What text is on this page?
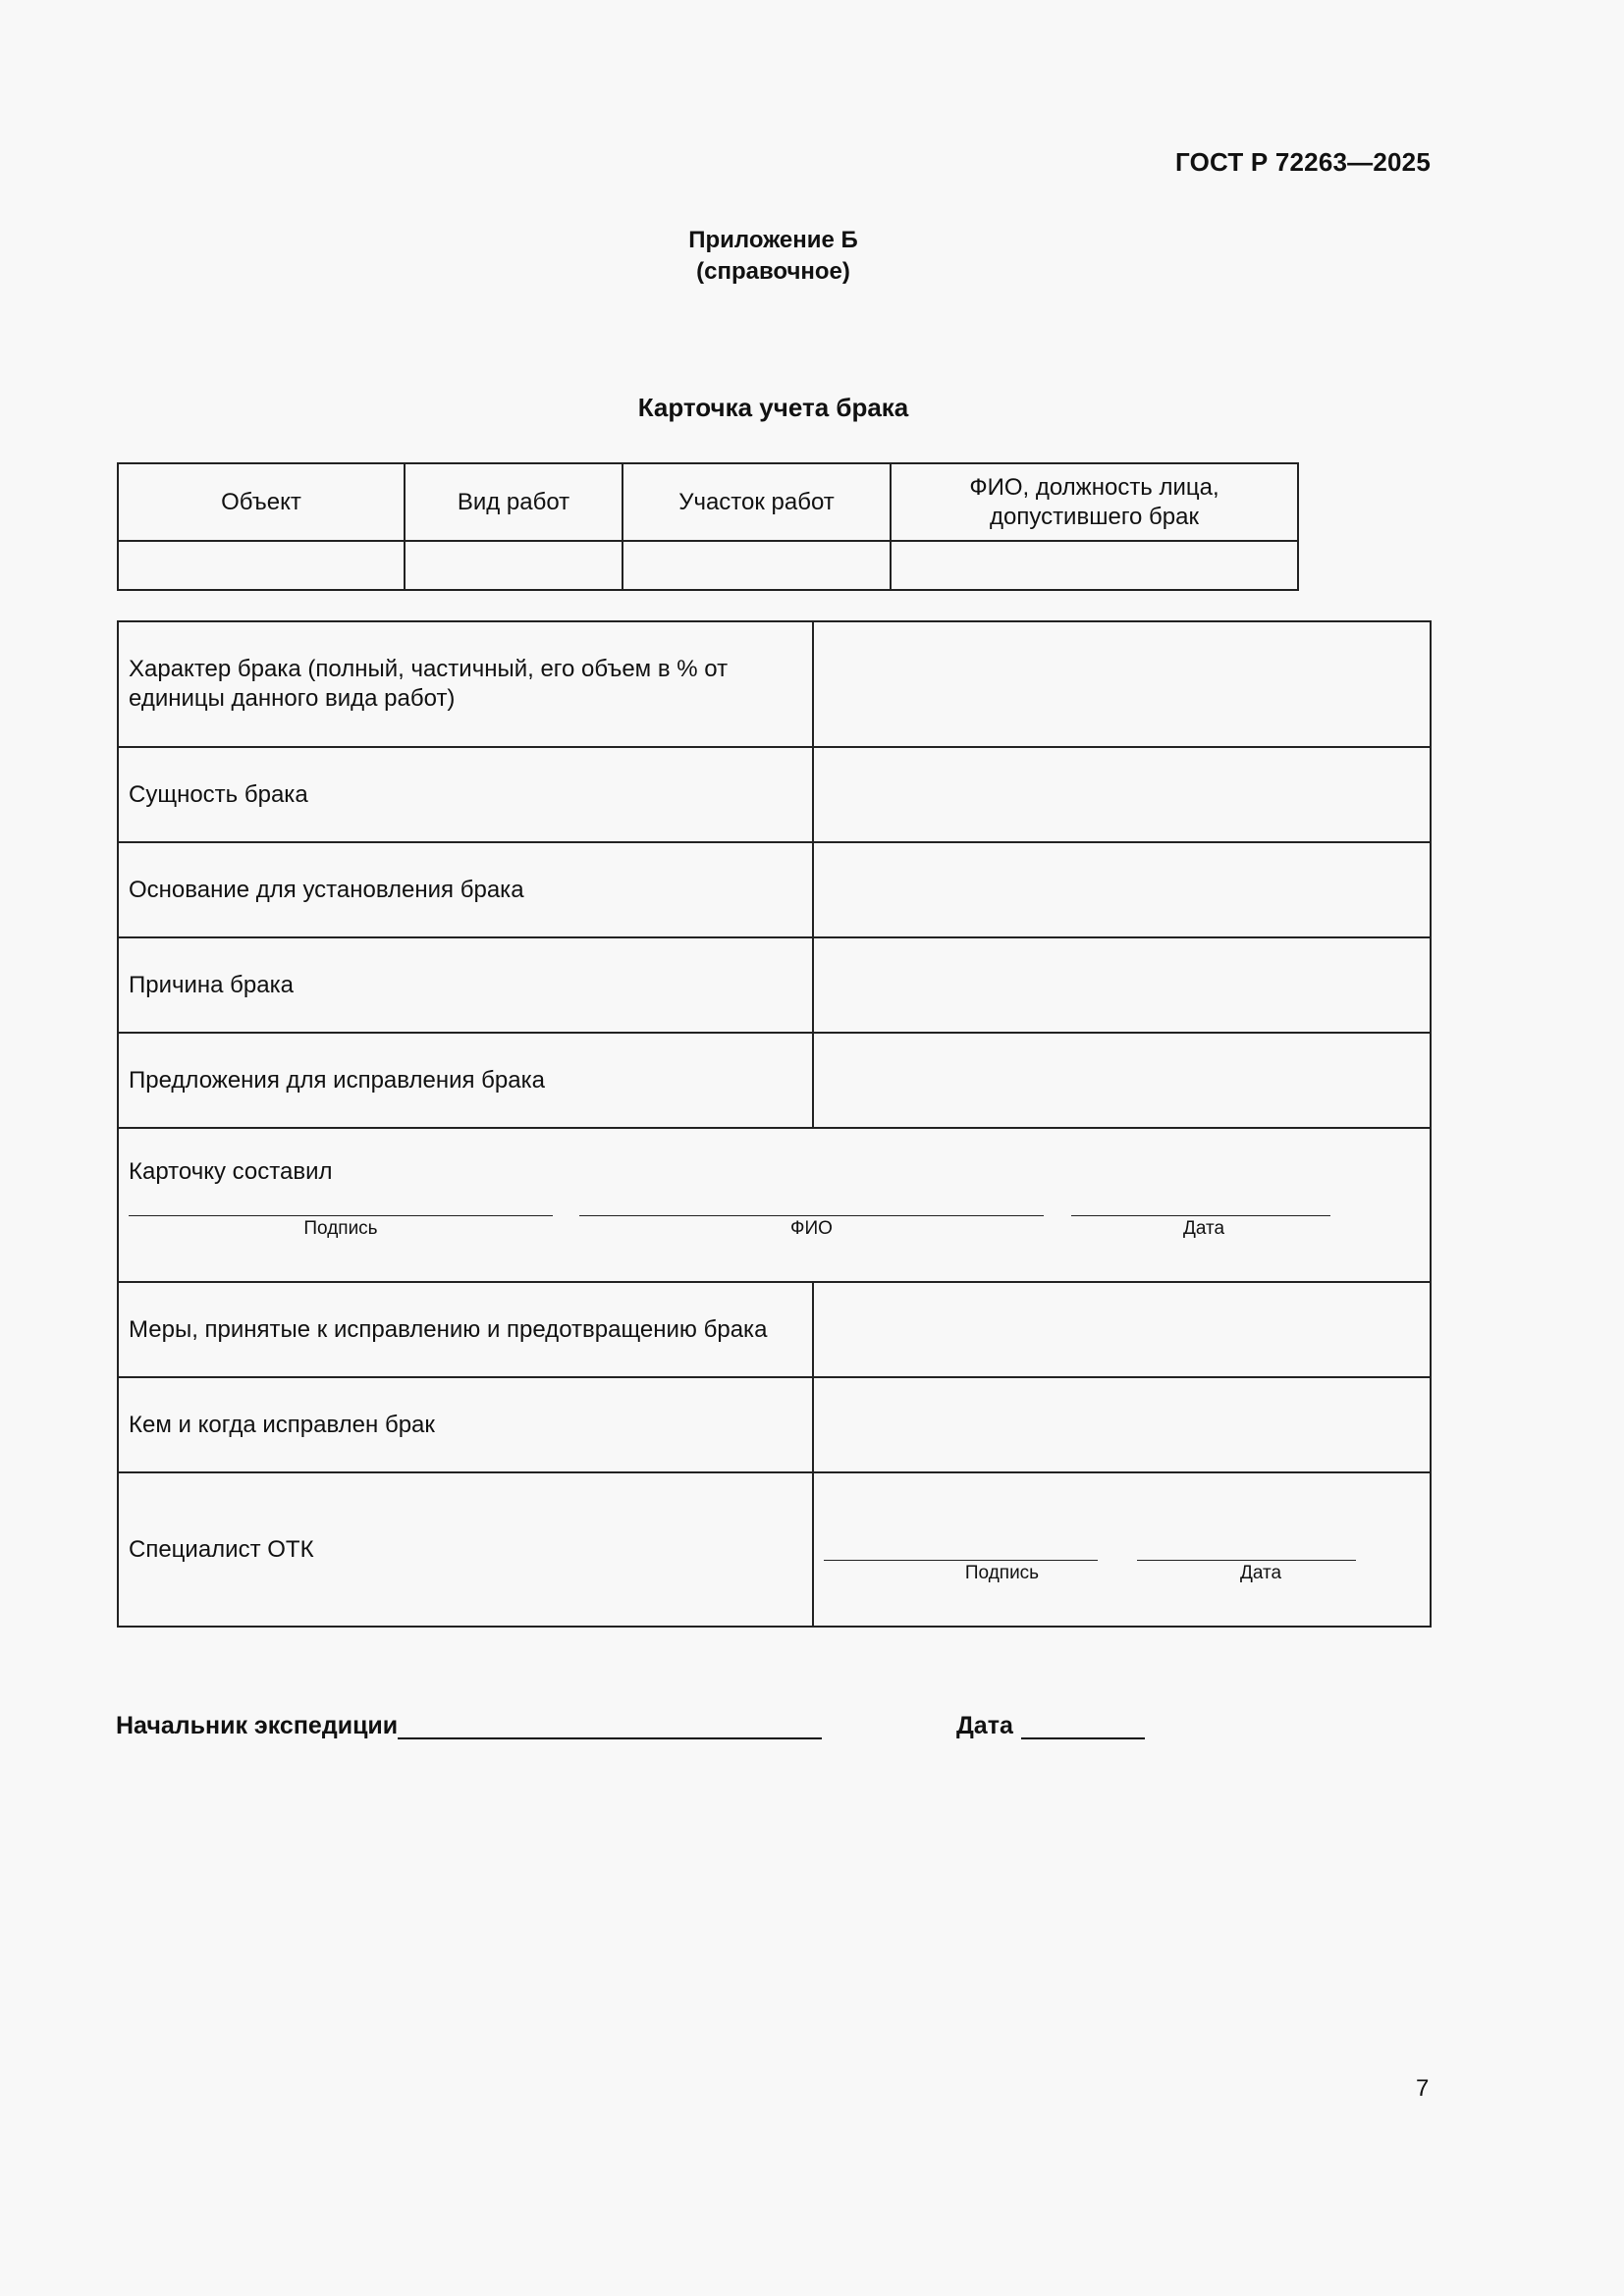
ГОСТ Р 72263—2025
Приложение Б
(справочное)
Карточка учета брака
Объект	Вид работ	Участок работ	ФИО, должность лица, допустившего брак

Характер брака (полный, частичный, его объем в % от единицы данного вида работ)	
Сущность брака	
Основание для установления брака	
Причина брака	
Предложения для исправления брака	

Карточку составил
Подпись ФИО Дата	

Меры, принятые к исправлению и предотвращению брака	
Кем и когда исправлен брак	
Специалист ОТК	Подпись Дата
Начальник экспедиции	Дата
7
